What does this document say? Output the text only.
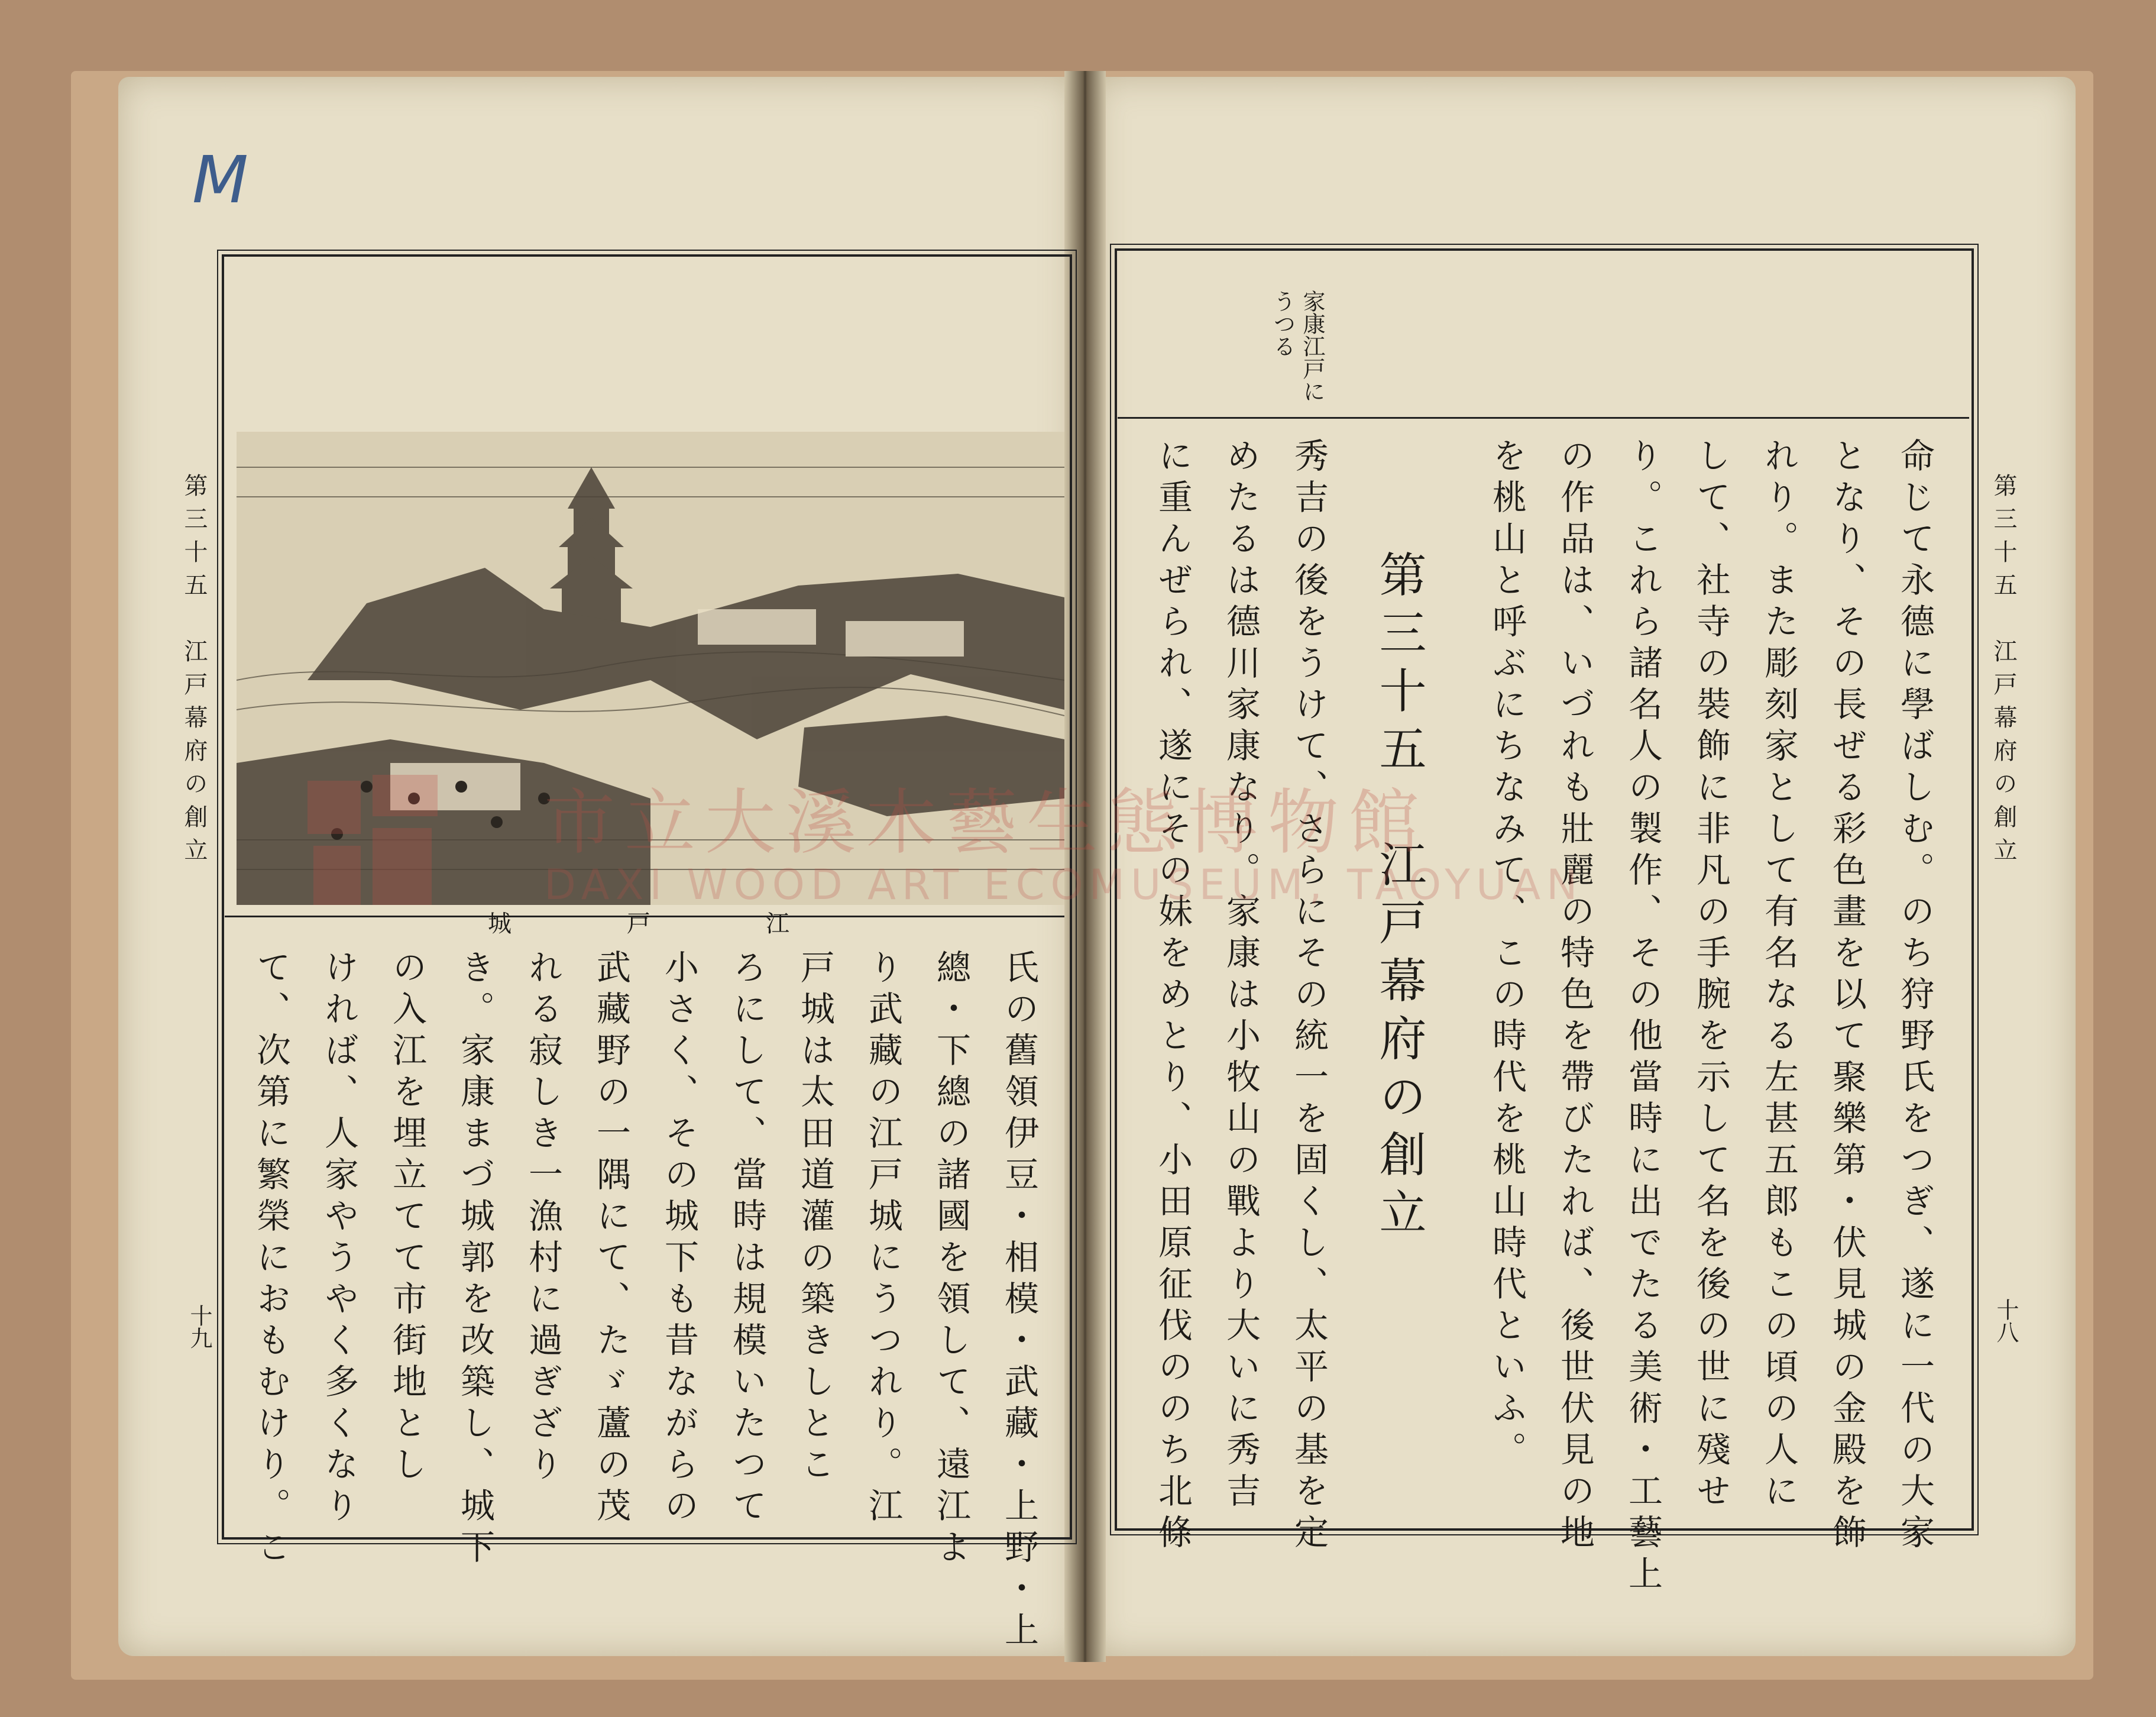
M
第三十五　江戸幕府の創立
十九
江
戸
城
氏の舊領伊豆・相模・武藏・上野・上
總・下總の諸國を領して、遠江よ
り武藏の江戸城にうつれり。江
戸城は太田道灌の築きしとこ
ろにして、當時は規模いたつて
小さく、その城下も昔ながらの
武藏野の一隅にて、たゞ蘆の茂
れる寂しき一漁村に過ぎざり
き。家康まづ城郭を改築し、城下
の入江を埋立てて市街地とし
ければ、人家やうやく多くなり
て、次第に繁榮におもむけり。こ
第三十五　江戸幕府の創立
十八
家康江戸に
うつる
命じて永德に學ばしむ。のち狩野氏をつぎ、遂に一代の大家
となり、その長ぜる彩色畫を以て聚樂第・伏見城の金殿を飾
れり。また彫刻家として有名なる左甚五郎もこの頃の人に
して、社寺の裝飾に非凡の手腕を示して名を後の世に殘せ
り。これら諸名人の製作、その他當時に出でたる美術・工藝上
の作品は、いづれも壯麗の特色を帶びたれば、後世伏見の地
を桃山と呼ぶにちなみて、この時代を桃山時代といふ。
第三十五　江戸幕府の創立
秀吉の後をうけて、さらにその統一を固くし、太平の基を定
めたるは德川家康なり。家康は小牧山の戰より大いに秀吉
に重んぜられ、遂にその妹をめとり、小田原征伐ののち北條
市立大溪木藝生態博物館
DAXI WOOD ART ECOMUSEUM, TAOYUAN
